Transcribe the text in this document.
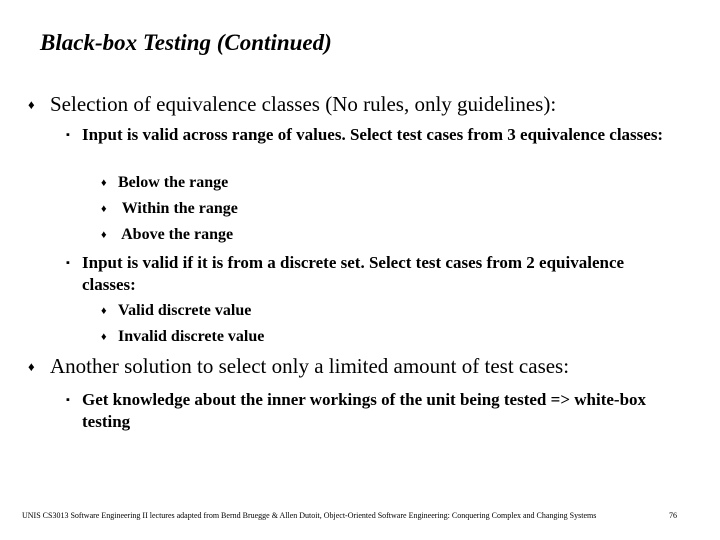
Black-box Testing (Continued)
♦ Selection of equivalence classes (No rules, only guidelines):
▪ Input is valid across range of values. Select test cases from 3 equivalence classes:
♦ Below the range
♦ Within the range
♦ Above the range
▪ Input is valid if it is from a discrete set. Select test cases from 2 equivalence classes:
♦ Valid discrete value
♦ Invalid discrete value
♦ Another solution to select only a limited amount of test cases:
▪ Get knowledge about the inner workings of the unit being tested => white-box testing
UNIS CS3013 Software Engineering II lectures adapted from Bernd Bruegge & Allen Dutoit, Object-Oriented Software Engineering: Conquering Complex and Changing Systems	76
